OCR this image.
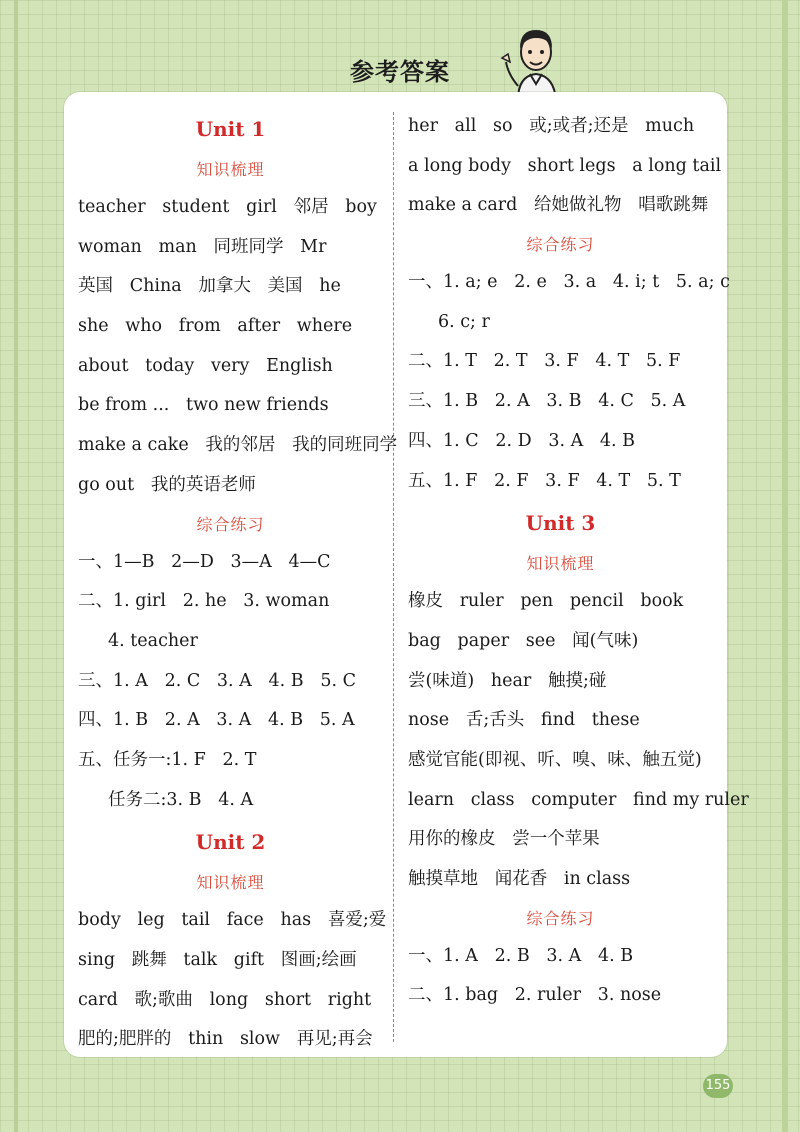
参考答案
Unit 1
知识梳理
teacher   student   girl   邻居   boy
woman   man   同班同学   Mr
英国   China   加拿大   美国   he
she   who   from   after   where
about   today   very   English
be from ...   two new friends
make a cake   我的邻居   我的同班同学
go out   我的英语老师
综合练习
一、1—B   2—D   3—A   4—C
二、1. girl   2. he   3. woman
4. teacher
三、1. A   2. C   3. A   4. B   5. C
四、1. B   2. A   3. A   4. B   5. A
五、任务一:1. F   2. T
任务二:3. B   4. A
Unit 2
知识梳理
body   leg   tail   face   has   喜爱;爱
sing   跳舞   talk   gift   图画;绘画
card   歌;歌曲   long   short   right
肥的;肥胖的   thin   slow   再见;再会
her   all   so   或;或者;还是   much
a long body   short legs   a long tail
make a card   给她做礼物   唱歌跳舞
综合练习
一、1. a; e   2. e   3. a   4. i; t   5. a; c
6. c; r
二、1. T   2. T   3. F   4. T   5. F
三、1. B   2. A   3. B   4. C   5. A
四、1. C   2. D   3. A   4. B
五、1. F   2. F   3. F   4. T   5. T
Unit 3
知识梳理
橡皮   ruler   pen   pencil   book
bag   paper   see   闻(气味)
尝(味道)   hear   触摸;碰
nose   舌;舌头   find   these
感觉官能(即视、听、嗅、味、触五觉)
learn   class   computer   find my ruler
用你的橡皮   尝一个苹果
触摸草地   闻花香   in class
综合练习
一、1. A   2. B   3. A   4. B
二、1. bag   2. ruler   3. nose
155
